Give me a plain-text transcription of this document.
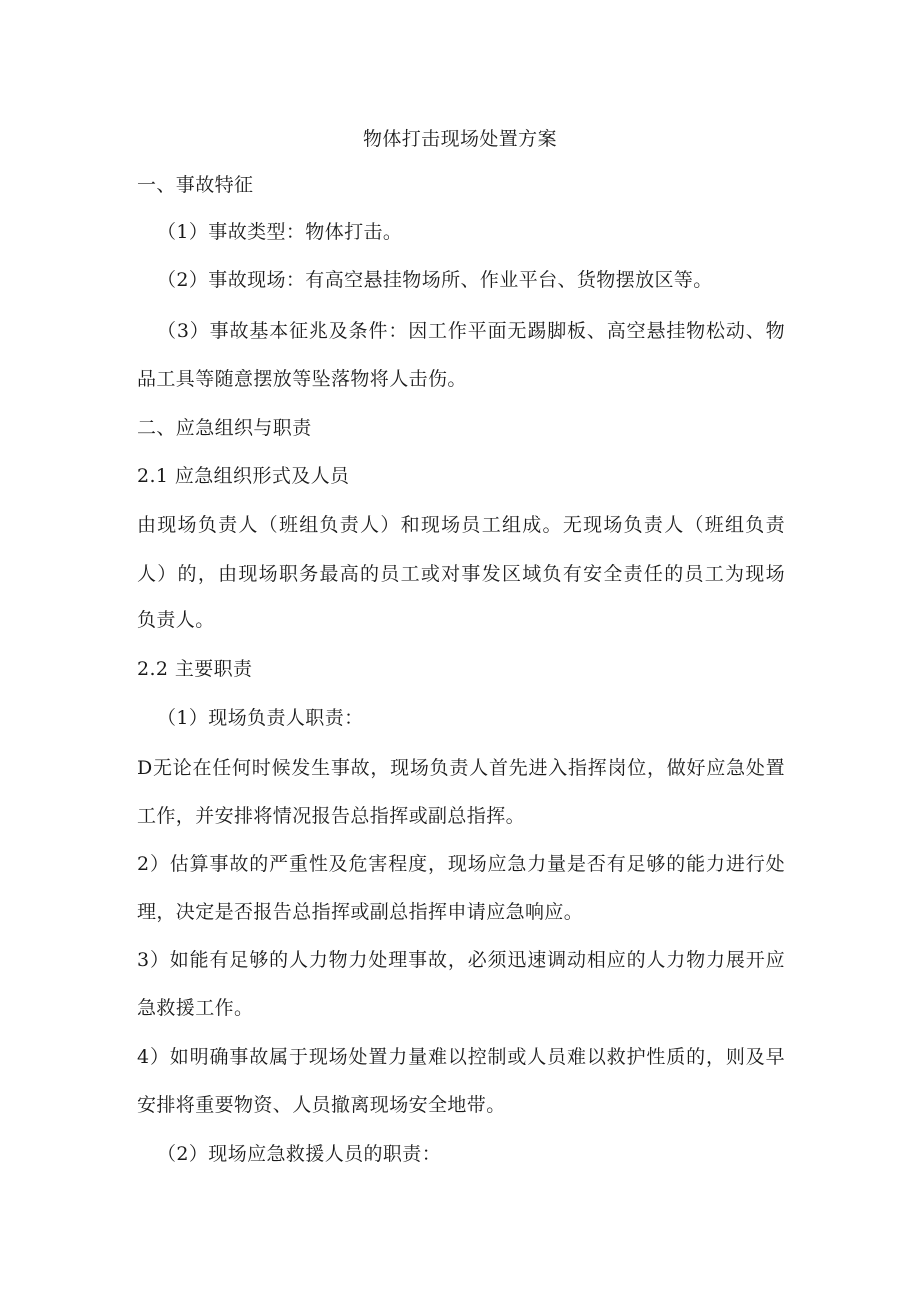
物体打击现场处置方案
一、事故特征
（1）事故类型：物体打击。
（2）事故现场：有高空悬挂物场所、作业平台、货物摆放区等。
（3）事故基本征兆及条件：因工作平面无踢脚板、高空悬挂物松动、物
品工具等随意摆放等坠落物将人击伤。
二、应急组织与职责
2.1 应急组织形式及人员
由现场负责人（班组负责人）和现场员工组成。无现场负责人（班组负责
人）的，由现场职务最高的员工或对事发区域负有安全责任的员工为现场
负责人。
2.2 主要职责
（1）现场负责人职责：
D无论在任何时候发生事故，现场负责人首先进入指挥岗位，做好应急处置
工作，并安排将情况报告总指挥或副总指挥。
2）估算事故的严重性及危害程度，现场应急力量是否有足够的能力进行处
理，决定是否报告总指挥或副总指挥申请应急响应。
3）如能有足够的人力物力处理事故，必须迅速调动相应的人力物力展开应
急救援工作。
4）如明确事故属于现场处置力量难以控制或人员难以救护性质的，则及早
安排将重要物资、人员撤离现场安全地带。
（2）现场应急救援人员的职责：
